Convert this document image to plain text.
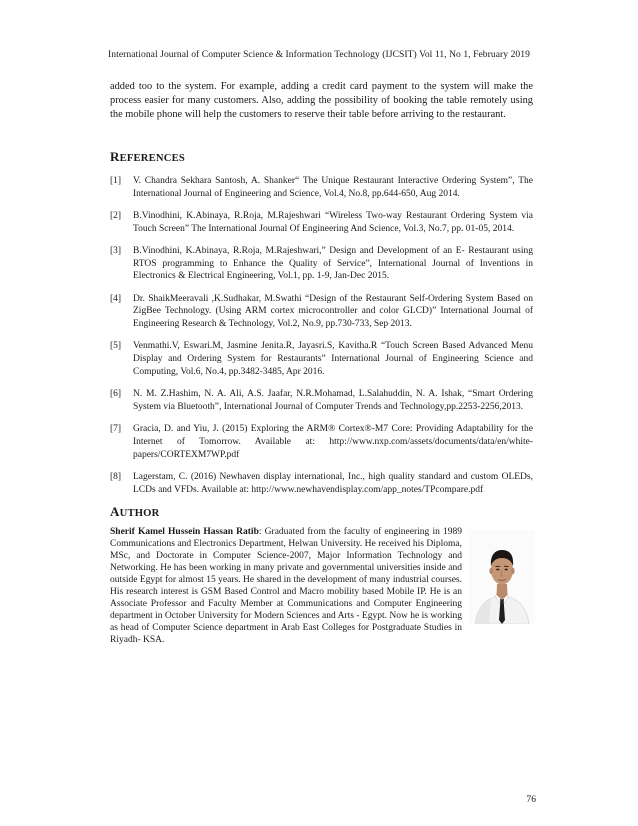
International Journal of Computer Science & Information Technology (IJCSIT) Vol 11, No 1, February 2019

added too to the system. For example, adding a credit card payment to the system will make the process easier for many customers. Also, adding the possibility of booking the table remotely using the mobile phone will help the customers to reserve their table before arriving to the restaurant.

REFERENCES
[1] V. Chandra Sekhara Santosh, A. Shanker“ The Unique Restaurant Interactive Ordering System”, The International Journal of Engineering and Science, Vol.4, No.8, pp.644-650, Aug 2014.
[2] B.Vinodhini, K.Abinaya, R.Roja, M.Rajeshwari “Wireless Two-way Restaurant Ordering System via Touch Screen” The International Journal Of Engineering And Science, Vol.3, No.7, pp. 01-05, 2014.
[3] B.Vinodhini, K.Abinaya, R.Roja, M.Rajeshwari,” Design and Development of an E- Restaurant using RTOS programming to Enhance the Quality of Service”, International Journal of Inventions in Electronics & Electrical Engineering, Vol.1, pp. 1-9, Jan-Dec 2015.
[4] Dr. ShaikMeeravali ,K.Sudhakar, M.Swathi “Design of the Restaurant Self-Ordering System Based on ZigBee Technology. (Using ARM cortex microcontroller and color GLCD)” International Journal of Engineering Research & Technology, Vol.2, No.9, pp.730-733, Sep 2013.
[5] Venmathi.V, Eswari.M, Jasmine Jenita.R, Jayasri.S, Kavitha.R “Touch Screen Based Advanced Menu Display and Ordering System for Restaurants” International Journal of Engineering Science and Computing, Vol.6, No.4, pp.3482-3485, Apr 2016.
[6] N. M. Z.Hashim, N. A. Ali, A.S. Jaafar, N.R.Mohamad, L.Salahuddin, N. A. Ishak, “Smart Ordering System via Bluetooth”, International Journal of Computer Trends and Technology,pp.2253-2256,2013.
[7] Gracia, D. and Yiu, J. (2015) Exploring the ARM® Cortex®-M7 Core: Providing Adaptability for the Internet of Tomorrow. Available at: http://www.nxp.com/assets/documents/data/en/white-papers/CORTEXM7WP.pdf
[8] Lagerstam, C. (2016) Newhaven display international, Inc., high quality standard and custom OLEDs, LCDs and VFDs. Available at: http://www.newhavendisplay.com/app_notes/TPcompare.pdf
AUTHOR

Sherif Kamel Hussein Hassan Ratib: Graduated from the faculty of engineering in 1989 Communications and Electronics Department, Helwan University. He received his Diploma, MSc, and Doctorate in Computer Science-2007, Major Information Technology and Networking. He has been working in many private and governmental universities inside and outside Egypt for almost 15 years. He shared in the development of many industrial courses. His research interest is GSM Based Control and Macro mobility based Mobile IP. He is an Associate Professor and Faculty Member at Communications and Computer Engineering department in October University for Modern Sciences and Arts - Egypt. Now he is working as head of Computer Science department in Arab East Colleges for Postgraduate Studies in Riyadh- KSA.

76
